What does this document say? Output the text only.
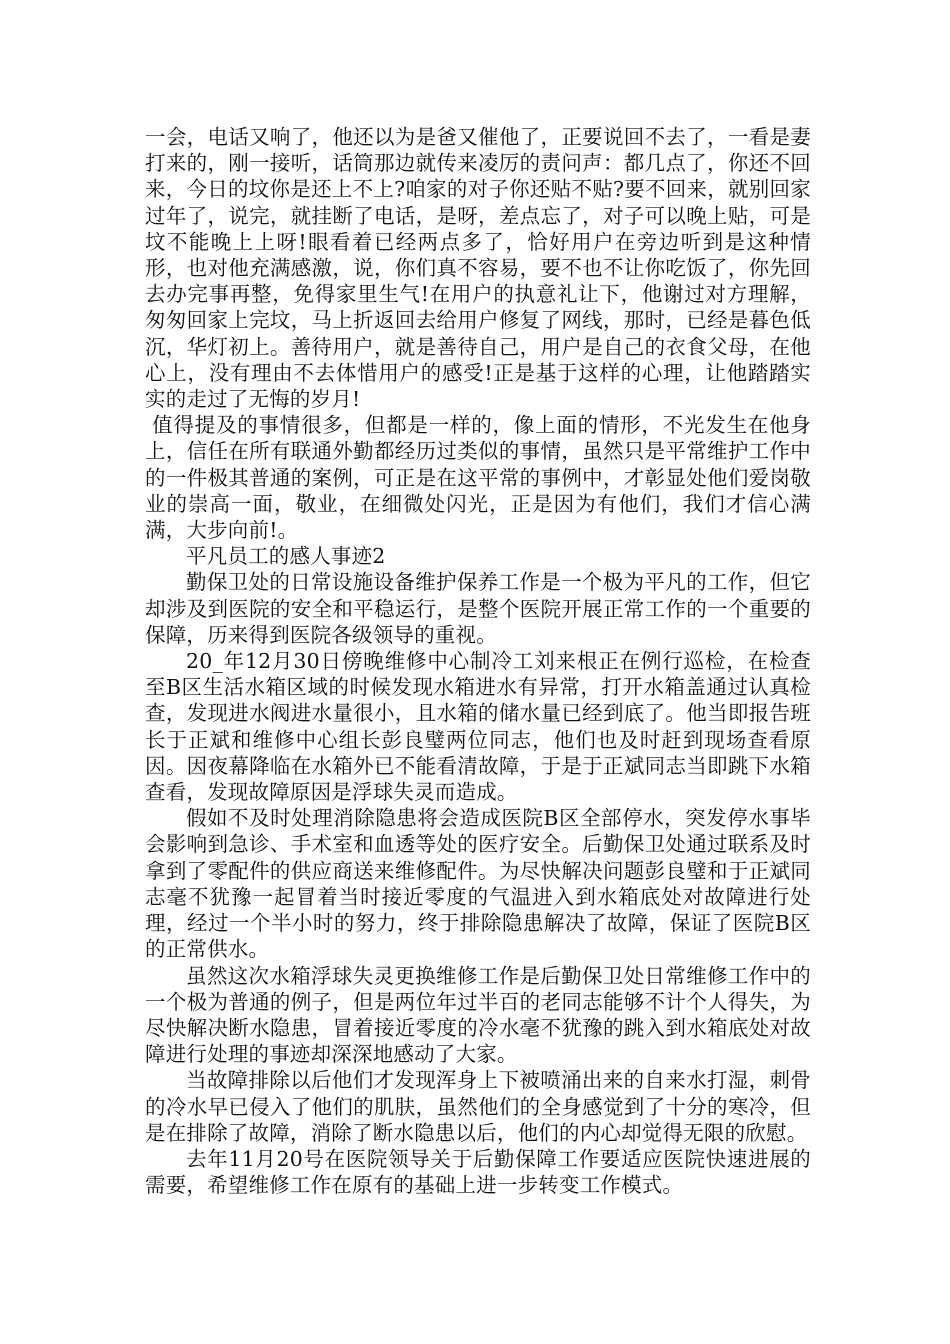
一会，电话又响了，他还以为是爸又催他了，正要说回不去了，一看是妻打来的，刚一接听，话筒那边就传来凌厉的责问声：都几点了，你还不回来，今日的坟你是还上不上?咱家的对子你还贴不贴?要不回来，就别回家过年了，说完，就挂断了电话，是呀，差点忘了，对子可以晚上贴，可是坟不能晚上上呀!眼看着已经两点多了，恰好用户在旁边听到是这种情形，也对他充满感激，说，你们真不容易，要不也不让你吃饭了，你先回去办完事再整，免得家里生气!在用户的执意礼让下，他谢过对方理解，匆匆回家上完坟，马上折返回去给用户修复了网线，那时，已经是暮色低沉，华灯初上。善待用户，就是善待自己，用户是自己的衣食父母，在他心上，没有理由不去体惜用户的感受!正是基于这样的心理，让他踏踏实实的走过了无悔的岁月!

值得提及的事情很多，但都是一样的，像上面的情形，不光发生在他身上，信任在所有联通外勤都经历过类似的事情，虽然只是平常维护工作中的一件极其普通的案例，可正是在这平常的事例中，才彰显处他们爱岗敬业的崇高一面，敬业，在细微处闪光，正是因为有他们，我们才信心满满，大步向前!。

平凡员工的感人事迹2

勤保卫处的日常设施设备维护保养工作是一个极为平凡的工作，但它却涉及到医院的安全和平稳运行，是整个医院开展正常工作的一个重要的保障，历来得到医院各级领导的重视。

20_年12月30日傍晚维修中心制冷工刘来根正在例行巡检，在检查至B区生活水箱区域的时候发现水箱进水有异常，打开水箱盖通过认真检查，发现进水阀进水量很小，且水箱的储水量已经到底了。他当即报告班长于正斌和维修中心组长彭良璧两位同志，他们也及时赶到现场查看原因。因夜幕降临在水箱外已不能看清故障，于是于正斌同志当即跳下水箱查看，发现故障原因是浮球失灵而造成。

假如不及时处理消除隐患将会造成医院B区全部停水，突发停水事毕会影响到急诊、手术室和血透等处的医疗安全。后勤保卫处通过联系及时拿到了零配件的供应商送来维修配件。为尽快解决问题彭良璧和于正斌同志毫不犹豫一起冒着当时接近零度的气温进入到水箱底处对故障进行处理，经过一个半小时的努力，终于排除隐患解决了故障，保证了医院B区的正常供水。

虽然这次水箱浮球失灵更换维修工作是后勤保卫处日常维修工作中的一个极为普通的例子，但是两位年过半百的老同志能够不计个人得失，为尽快解决断水隐患，冒着接近零度的冷水毫不犹豫的跳入到水箱底处对故障进行处理的事迹却深深地感动了大家。

当故障排除以后他们才发现浑身上下被喷涌出来的自来水打湿，刺骨的冷水早已侵入了他们的肌肤，虽然他们的全身感觉到了十分的寒冷，但是在排除了故障，消除了断水隐患以后，他们的内心却觉得无限的欣慰。

去年11月20号在医院领导关于后勤保障工作要适应医院快速进展的需要，希望维修工作在原有的基础上进一步转变工作模式。
